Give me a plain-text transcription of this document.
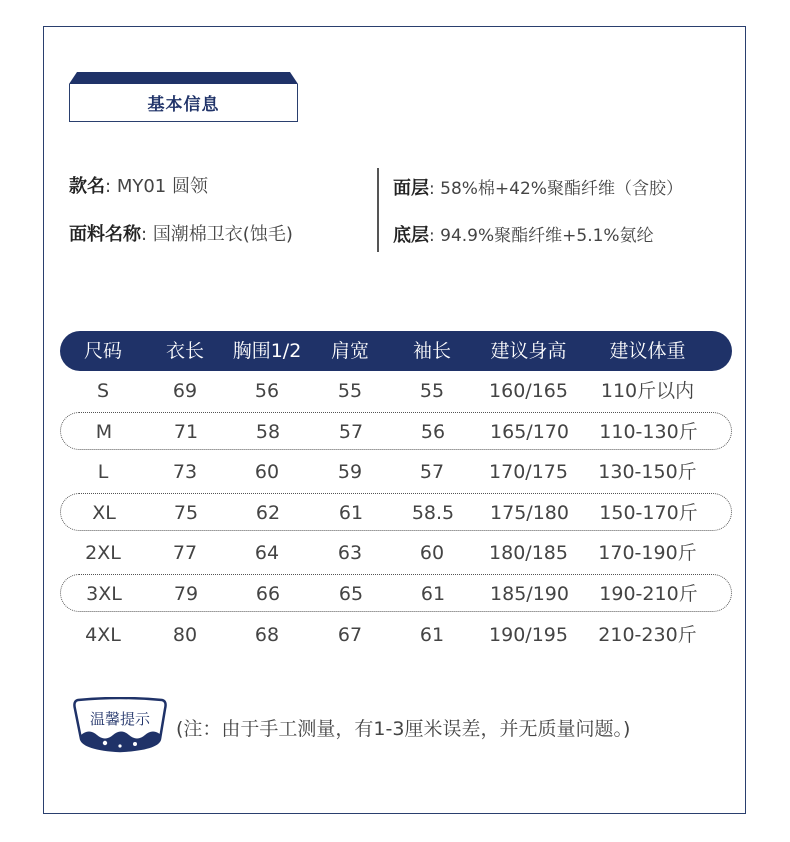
基本信息
款名: MY01 圆领
面料名称: 国潮棉卫衣(蚀毛)
面层: 58%棉+42%聚酯纤维（含胶）
底层: 94.9%聚酯纤维+5.1%氨纶
尺码	衣长	胸围1/2	肩宽	袖长	建议身高	建议体重
S	69	56	55	55	160/165	110斤以内
M	71	58	57	56	165/170	110-130斤
L	73	60	59	57	170/175	130-150斤
XL	75	62	61	58.5	175/180	150-170斤
2XL	77	64	63	60	180/185	170-190斤
3XL	79	66	65	61	185/190	190-210斤
4XL	80	68	67	61	190/195	210-230斤
温馨提示	(注：由于手工测量，有1-3厘米误差，并无质量问题。)
